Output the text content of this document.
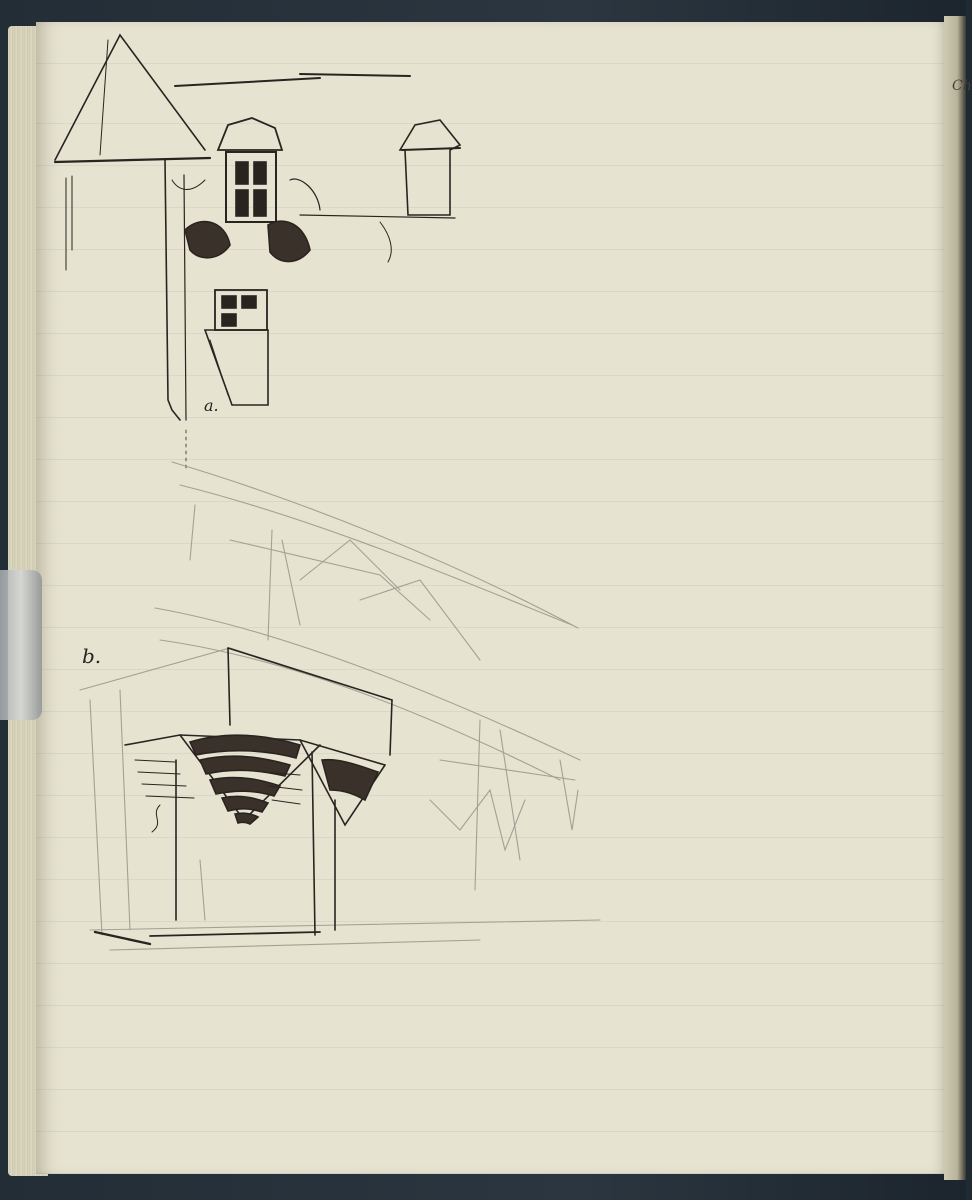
Ch
a.
b.
